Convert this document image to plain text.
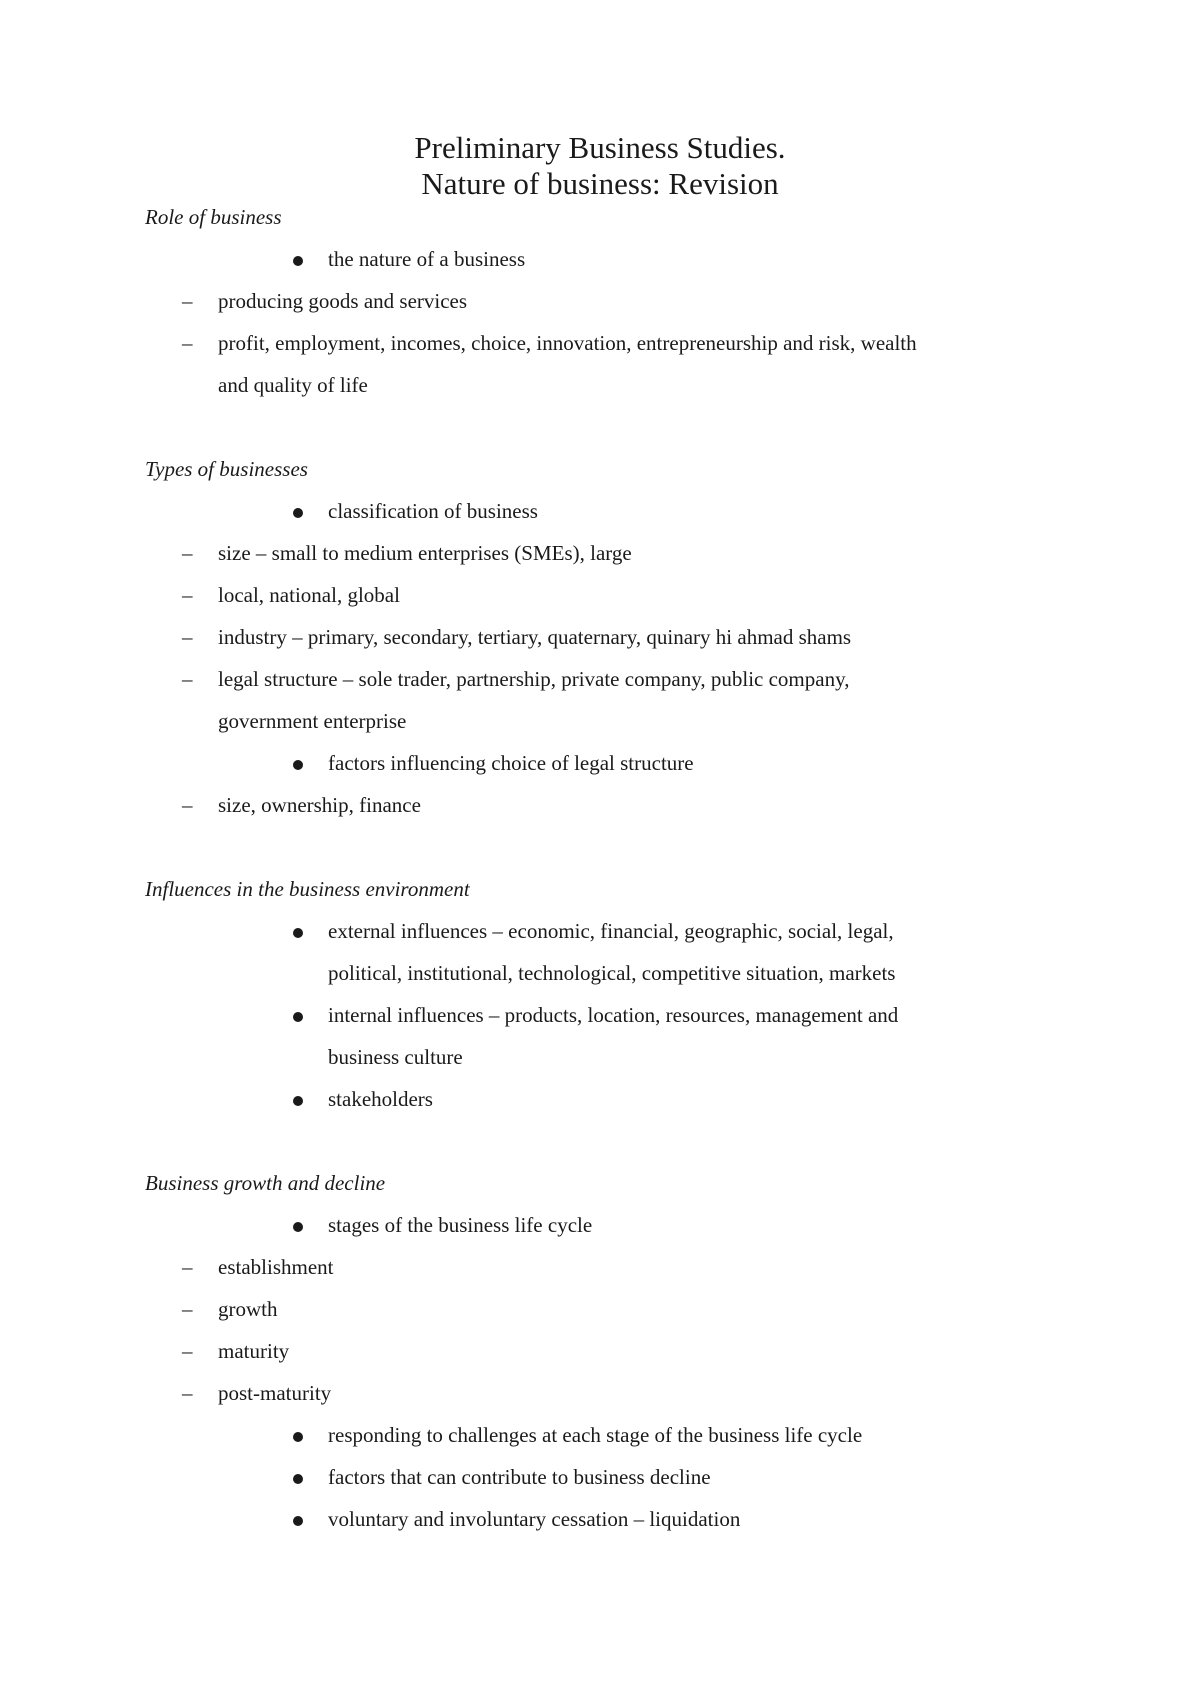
Preliminary Business Studies.
Nature of business: Revision
Role of business
the nature of a business
– producing goods and services
– profit, employment, incomes, choice, innovation, entrepreneurship and risk, wealth
and quality of life
Types of businesses
classification of business
– size – small to medium enterprises (SMEs), large
– local, national, global
– industry – primary, secondary, tertiary, quaternary, quinary hi ahmad shams
– legal structure – sole trader, partnership, private company, public company,
government enterprise
factors influencing choice of legal structure
– size, ownership, finance
Influences in the business environment
external influences – economic, financial, geographic, social, legal,
political, institutional, technological, competitive situation, markets
internal influences – products, location, resources, management and
business culture
stakeholders
Business growth and decline
stages of the business life cycle
– establishment
– growth
– maturity
– post-maturity
responding to challenges at each stage of the business life cycle
factors that can contribute to business decline
voluntary and involuntary cessation – liquidation
